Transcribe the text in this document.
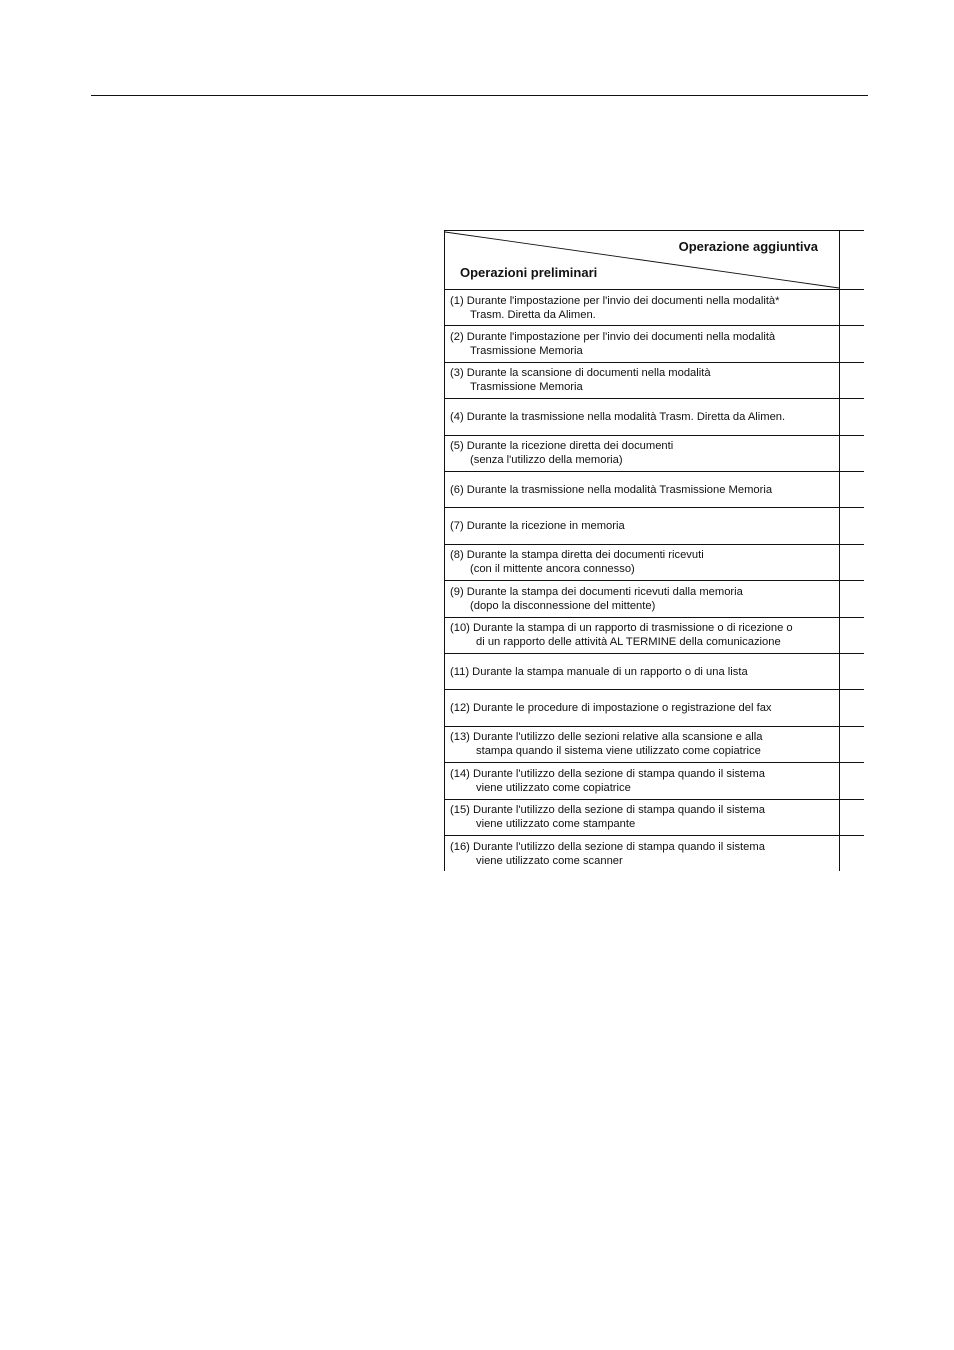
Operazione aggiuntiva
Operazioni preliminari
(1) Durante l'impostazione per l'invio dei documenti nella modalità*
Trasm. Diretta da Alimen.
(2) Durante l'impostazione per l'invio dei documenti nella modalità
Trasmissione Memoria
(3) Durante la scansione di documenti nella modalità
Trasmissione Memoria
(4) Durante la trasmissione nella modalità Trasm. Diretta da Alimen.
(5) Durante la ricezione diretta dei documenti
(senza l'utilizzo della memoria)
(6) Durante la trasmissione nella modalità Trasmissione Memoria
(7) Durante la ricezione in memoria
(8) Durante la stampa diretta dei documenti ricevuti
(con il mittente ancora connesso)
(9) Durante la stampa dei documenti ricevuti dalla memoria
(dopo la disconnessione del mittente)
(10) Durante la stampa di un rapporto di trasmissione o di ricezione o
di un rapporto delle attività AL TERMINE della comunicazione
(11) Durante la stampa manuale di un rapporto o di una lista
(12) Durante le procedure di impostazione o registrazione del fax
(13) Durante l'utilizzo delle sezioni relative alla scansione e alla
stampa quando il sistema viene utilizzato come copiatrice
(14) Durante l'utilizzo della sezione di stampa quando il sistema
viene utilizzato come copiatrice
(15) Durante l'utilizzo della sezione di stampa quando il sistema
viene utilizzato come stampante
(16) Durante l'utilizzo della sezione di stampa quando il sistema
viene utilizzato come scanner
